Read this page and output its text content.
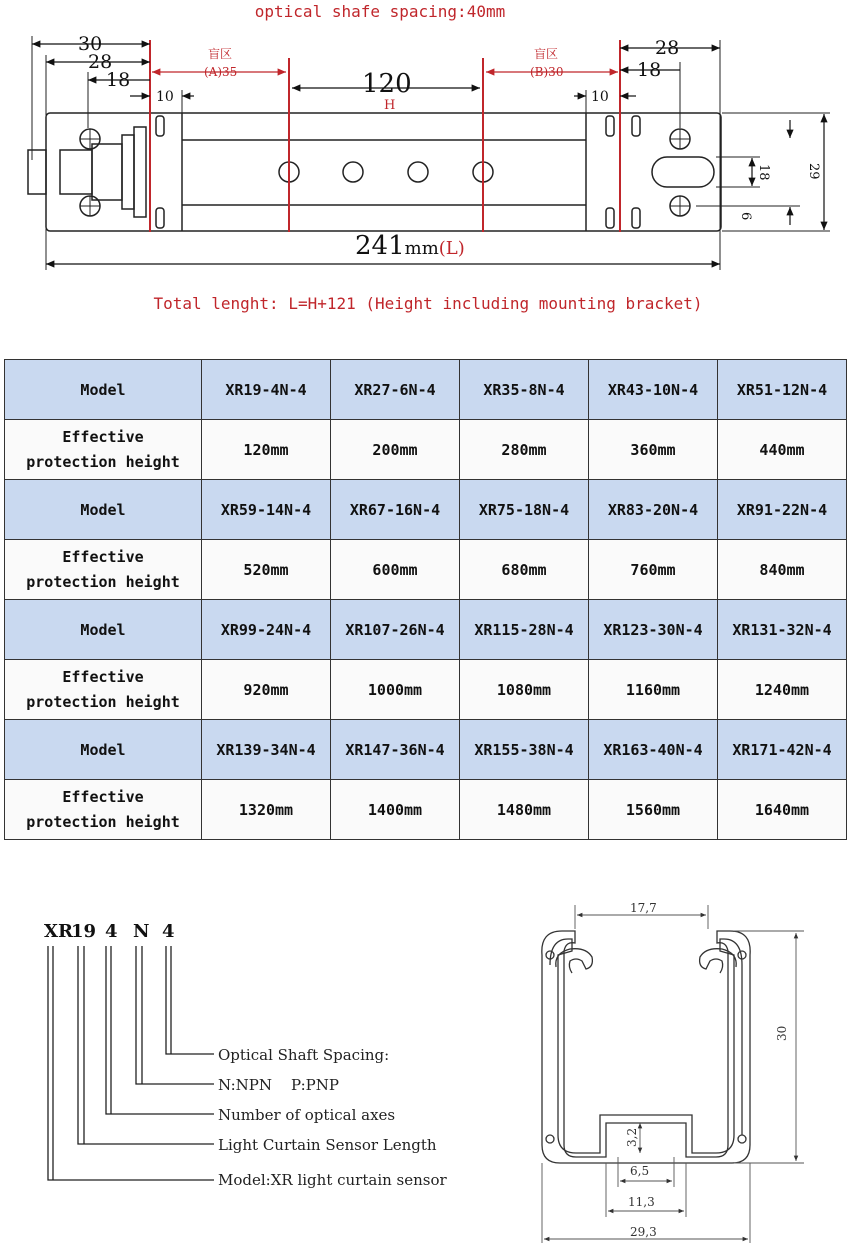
optical shafe spacing:40mm
30
28
18
28
18
10	10
120
H
盲区
(A)35
盲区
(B)30
29
18
6
241mm(L)
Total lenght: L=H+121 (Height including mounting bracket)
Model	XR19-4N-4	XR27-6N-4	XR35-8N-4	XR43-10N-4	XR51-12N-4

Effective
protection height	120mm	200mm	280mm	360mm	440mm
Model	XR59-14N-4	XR67-16N-4	XR75-18N-4	XR83-20N-4	XR91-22N-4

Effective
protection height	520mm	600mm	680mm	760mm	840mm
Model	XR99-24N-4	XR107-26N-4	XR115-28N-4	XR123-30N-4	XR131-32N-4

Effective
protection height	920mm	1000mm	1080mm	1160mm	1240mm
Model	XR139-34N-4	XR147-36N-4	XR155-38N-4	XR163-40N-4	XR171-42N-4

Effective
protection height	1320mm	1400mm	1480mm	1560mm	1640mm
XR
19 4 N 4
Optical Shaft Spacing:
N:NPN    P:PNP
Number of optical axes
Light Curtain Sensor Length
Model:XR light curtain sensor
17,7
30
3,2
6,5
11,3
29,3
